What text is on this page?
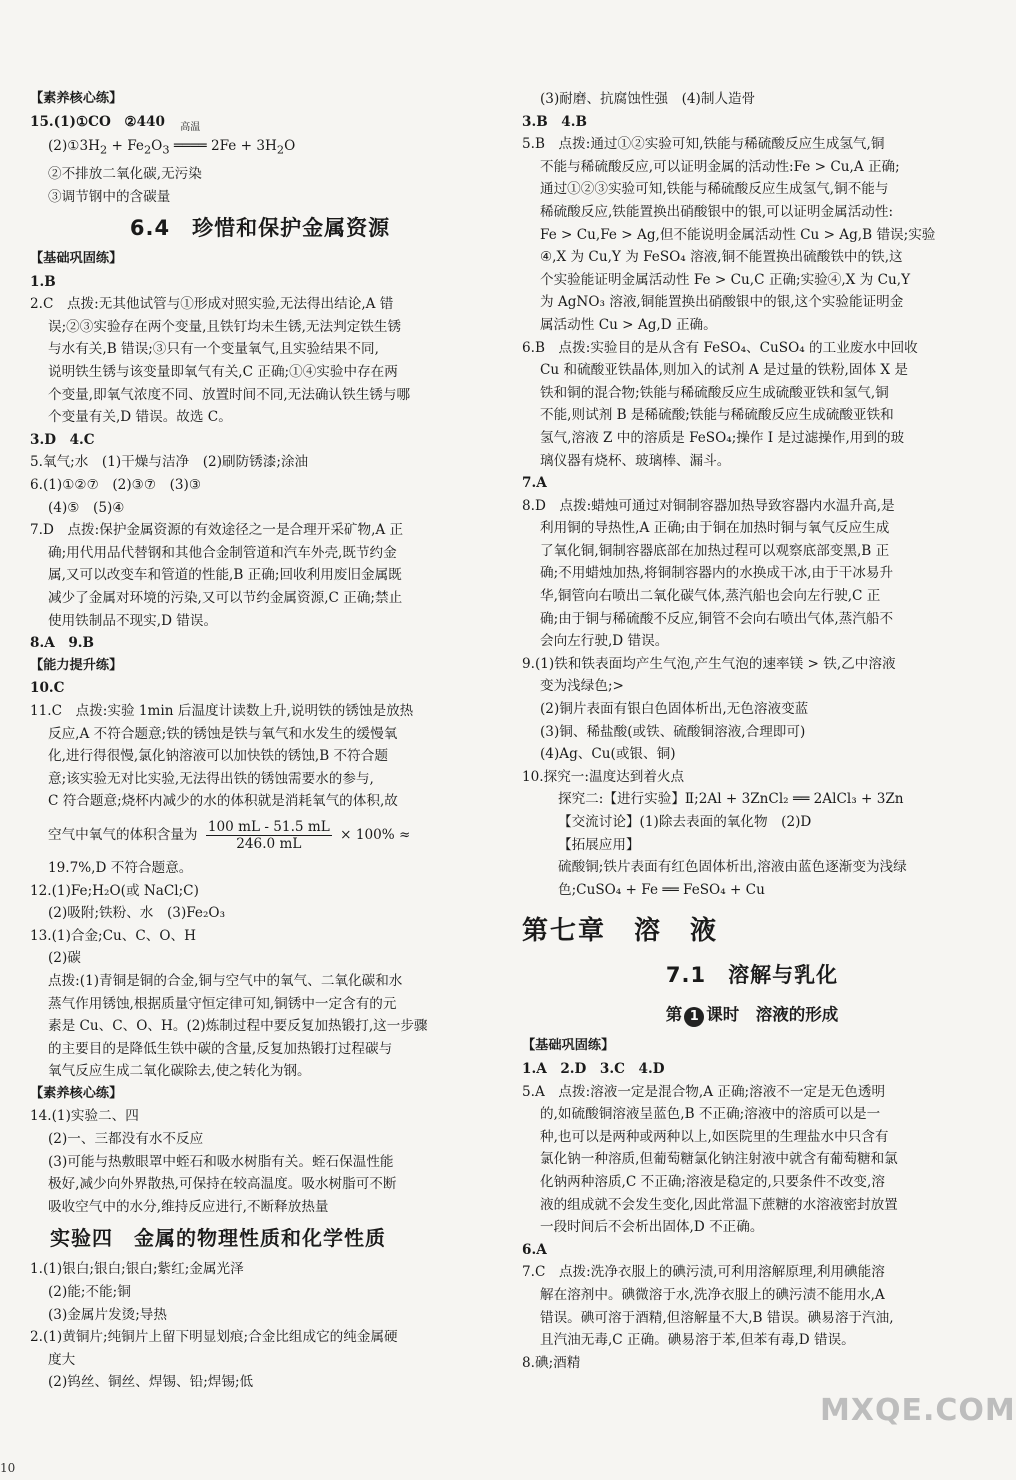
【素养核心练】
15.(1)①CO　②440
$(2)①3H_2 + Fe_2O_3$
高温
════ $2Fe + 3H_2O$
②不排放二氧化碳,无污染
③调节钢中的含碳量
6.4　珍惜和保护金属资源
【基础巩固练】
1.B
2.C　点拨:无其他试管与①形成对照实验,无法得出结论,A 错
误;②③实验存在两个变量,且铁钉均未生锈,无法判定铁生锈
与水有关,B 错误;③只有一个变量氧气,且实验结果不同,
说明铁生锈与该变量即氧气有关,C 正确;①④实验中存在两
个变量,即氧气浓度不同、放置时间不同,无法确认铁生锈与哪
个变量有关,D 错误。故选 C。
3.D　4.C
5.氧气;水　(1)干燥与洁净　(2)刷防锈漆;涂油
6.(1)①②⑦　(2)③⑦　(3)③
(4)⑤　(5)④
7.D　点拨:保护金属资源的有效途径之一是合理开采矿物,A 正
确;用代用品代替钢和其他合金制管道和汽车外壳,既节约金
属,又可以改变车和管道的性能,B 正确;回收利用废旧金属既
减少了金属对环境的污染,又可以节约金属资源,C 正确;禁止
使用铁制品不现实,D 错误。
8.A　9.B
【能力提升练】
10.C
11.C　点拨:实验 1min 后温度计读数上升,说明铁的锈蚀是放热
反应,A 不符合题意;铁的锈蚀是铁与氧气和水发生的缓慢氧
化,进行得很慢,氯化钠溶液可以加快铁的锈蚀,B 不符合题
意;该实验无对比实验,无法得出铁的锈蚀需要水的参与,
C 符合题意;烧杯内减少的水的体积就是消耗氧气的体积,故
空气中氧气的体积含量为 $\frac{100 mL - 51.5 mL}{246.0 mL} \times 100\%$ ≈
19.7%,D 不符合题意。
12.(1)Fe;H₂O(或 NaCl;C)
(2)吸附;铁粉、水　(3)Fe₂O₃
13.(1)合金;Cu、C、O、H
(2)碳
点拨:(1)青铜是铜的合金,铜与空气中的氧气、二氧化碳和水
蒸气作用锈蚀,根据质量守恒定律可知,铜锈中一定含有的元
素是 Cu、C、O、H。(2)炼制过程中要反复加热锻打,这一步骤
的主要目的是降低生铁中碳的含量,反复加热锻打过程碳与
氧气反应生成二氧化碳除去,使之转化为钢。
【素养核心练】
14.(1)实验二、四
(2)一、三都没有水不反应
(3)可能与热敷眼罩中蛭石和吸水树脂有关。蛭石保温性能
极好,减少向外界散热,可保持在较高温度。吸水树脂可不断
吸收空气中的水分,维持反应进行,不断释放热量
实验四　金属的物理性质和化学性质
1.(1)银白;银白;银白;紫红;金属光泽
(2)能;不能;铜
(3)金属片发烫;导热
2.(1)黄铜片;纯铜片上留下明显划痕;合金比组成它的纯金属硬
度大
(2)钨丝、铜丝、焊锡、铅;焊锡;低
(3)耐磨、抗腐蚀性强　(4)制人造骨
3.B　4.B
5.B　点拨:通过①②实验可知,铁能与稀硫酸反应生成氢气,铜
不能与稀硫酸反应,可以证明金属的活动性:Fe > Cu,A 正确;
通过①②③实验可知,铁能与稀硫酸反应生成氢气,铜不能与
稀硫酸反应,铁能置换出硝酸银中的银,可以证明金属活动性:
Fe > Cu,Fe > Ag,但不能说明金属活动性 Cu > Ag,B 错误;实验
④,X 为 Cu,Y 为 FeSO₄ 溶液,铜不能置换出硫酸铁中的铁,这
个实验能证明金属活动性 Fe > Cu,C 正确;实验④,X 为 Cu,Y
为 AgNO₃ 溶液,铜能置换出硝酸银中的银,这个实验能证明金
属活动性 Cu > Ag,D 正确。
6.B　点拨:实验目的是从含有 FeSO₄、CuSO₄ 的工业废水中回收
Cu 和硫酸亚铁晶体,则加入的试剂 A 是过量的铁粉,固体 X 是
铁和铜的混合物;铁能与稀硫酸反应生成硫酸亚铁和氢气,铜
不能,则试剂 B 是稀硫酸;铁能与稀硫酸反应生成硫酸亚铁和
氢气,溶液 Z 中的溶质是 FeSO₄;操作 I 是过滤操作,用到的玻
璃仪器有烧杯、玻璃棒、漏斗。
7.A
8.D　点拨:蜡烛可通过对铜制容器加热导致容器内水温升高,是
利用铜的导热性,A 正确;由于铜在加热时铜与氧气反应生成
了氧化铜,铜制容器底部在加热过程可以观察底部变黑,B 正
确;不用蜡烛加热,将铜制容器内的水换成干冰,由于干冰易升
华,铜管向右喷出二氧化碳气体,蒸汽船也会向左行驶,C 正
确;由于铜与稀硫酸不反应,铜管不会向右喷出气体,蒸汽船不
会向左行驶,D 错误。
9.(1)铁和铁表面均产生气泡,产生气泡的速率镁 > 铁,乙中溶液
变为浅绿色;>
(2)铜片表面有银白色固体析出,无色溶液变蓝
(3)铜、稀盐酸(或铁、硫酸铜溶液,合理即可)
(4)Ag、Cu(或银、铜)
10.探究一:温度达到着火点
探究二:【进行实验】Ⅱ;2Al + 3ZnCl₂ ══ 2AlCl₃ + 3Zn
【交流讨论】(1)除去表面的氧化物　(2)D
【拓展应用】
硫酸铜;铁片表面有红色固体析出,溶液由蓝色逐渐变为浅绿
色;CuSO₄ + Fe ══ FeSO₄ + Cu
第七章　溶　液
7.1　溶解与乳化
第 1 课时　溶液的形成
【基础巩固练】
1.A　2.D　3.C　4.D
5.A　点拨:溶液一定是混合物,A 正确;溶液不一定是无色透明
的,如硫酸铜溶液呈蓝色,B 不正确;溶液中的溶质可以是一
种,也可以是两种或两种以上,如医院里的生理盐水中只含有
氯化钠一种溶质,但葡萄糖氯化钠注射液中就含有葡萄糖和氯
化钠两种溶质,C 不正确;溶液是稳定的,只要条件不改变,溶
液的组成就不会发生变化,因此常温下蔗糖的水溶液密封放置
一段时间后不会析出固体,D 不正确。
6.A
7.C　点拨:洗净衣服上的碘污渍,可利用溶解原理,利用碘能溶
解在溶剂中。碘微溶于水,洗净衣服上的碘污渍不能用水,A
错误。碘可溶于酒精,但溶解量不大,B 错误。碘易溶于汽油,
且汽油无毒,C 正确。碘易溶于苯,但苯有毒,D 错误。
8.碘;酒精
10
MXQE.COM
